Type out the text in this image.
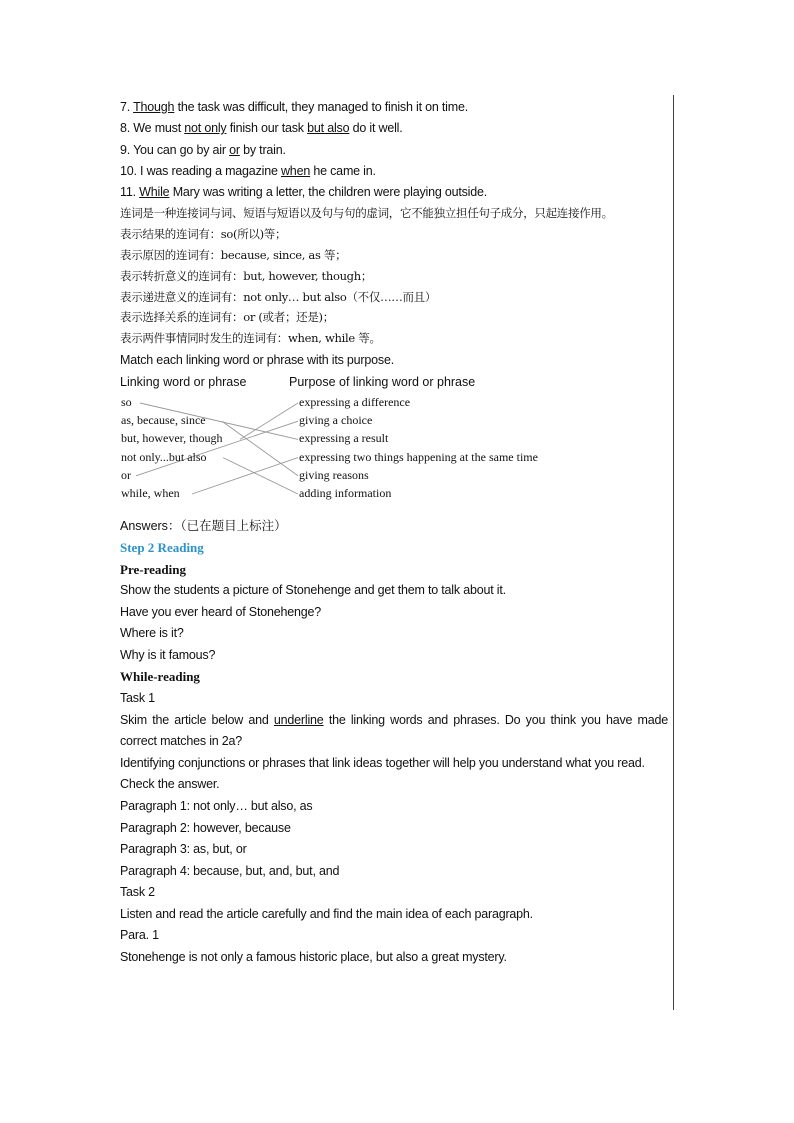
7. Though the task was difficult, they managed to finish it on time.
8. We must not only finish our task but also do it well.
9. You can go by air or by train.
10. I was reading a magazine when he came in.
11. While Mary was writing a letter, the children were playing outside.
连词是一种连接词与词、短语与短语以及句与句的虚词，它不能独立担任句子成分，只起连接作用。
表示结果的连词有：so(所以)等；
表示原因的连词有：because, since, as 等；
表示转折意义的连词有：but, however, though；
表示递进意义的连词有：not only… but also（不仅……而且）
表示选择关系的连词有：or (或者；还是)；
表示两件事情同时发生的连词有：when, while 等。
Match each linking word or phrase with its purpose.
Linking word or phrase	Purpose of linking word or phrase
so
as, because, since
but, however, though
not only...but also
or
while, when
expressing a difference
giving a choice
expressing a result
expressing two things happening at the same time
giving reasons
adding information
Answers：（已在题目上标注）
Step 2 Reading
Pre-reading
Show the students a picture of Stonehenge and get them to talk about it.
Have you ever heard of Stonehenge?
Where is it?
Why is it famous?
While-reading
Task 1
Skim the article below and underline the linking words and phrases. Do you think you have made correct matches in 2a?
Identifying conjunctions or phrases that link ideas together will help you understand what you read.
Check the answer.
Paragraph 1: not only… but also, as
Paragraph 2: however, because
Paragraph 3: as, but, or
Paragraph 4: because, but, and, but, and
Task 2
Listen and read the article carefully and find the main idea of each paragraph.
Para. 1
Stonehenge is not only a famous historic place, but also a great mystery.
